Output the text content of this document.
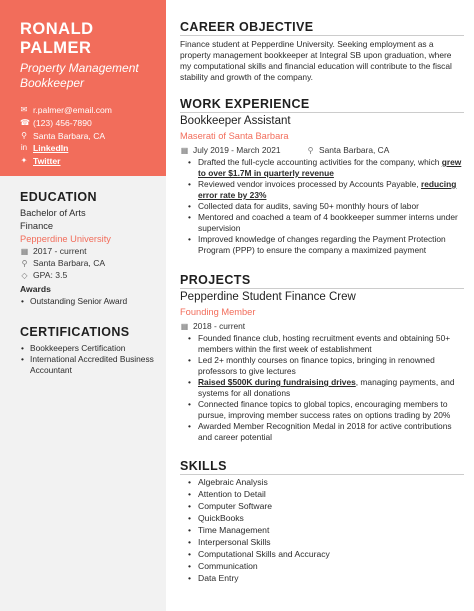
RONALD
PALMER
Property Management
Bookkeeper
✉ r.palmer@email.com
☎ (123) 456-7890
⚲ Santa Barbara, CA
in LinkedIn
✦ Twitter
EDUCATION
Bachelor of Arts
Finance
Pepperdine University
▦ 2017 - current
⚲ Santa Barbara, CA
◇ GPA: 3.5
Awards
• Outstanding Senior Award
CERTIFICATIONS
• Bookkeepers Certification
• International Accredited Business Accountant
CAREER OBJECTIVE
Finance student at Pepperdine University. Seeking employment as a property management bookkeeper at Integral SB upon graduation, where my computational skills and financial education will contribute to the fiscal stability and growth of the company.
WORK EXPERIENCE
Bookkeeper Assistant
Maserati of Santa Barbara
▦ July 2019 - March 2021	⚲ Santa Barbara, CA
• Drafted the full-cycle accounting activities for the company, which grew to over $1.7M in quarterly revenue
• Reviewed vendor invoices processed by Accounts Payable, reducing error rate by 23%
• Collected data for audits, saving 50+ monthly hours of labor
• Mentored and coached a team of 4 bookkeeper summer interns under supervision
• Improved knowledge of changes regarding the Payment Protection Program (PPP) to ensure the company a maximized payment
PROJECTS
Pepperdine Student Finance Crew
Founding Member
▦ 2018 - current
• Founded finance club, hosting recruitment events and obtaining 50+ members within the first week of establishment
• Led 2+ monthly courses on finance topics, bringing in renowned professors to give lectures
• Raised $500K during fundraising drives, managing payments, and systems for all donations
• Connected finance topics to global topics, encouraging members to pursue, improving member success rates on options trading by 20%
• Awarded Member Recognition Medal in 2018 for active contributions and career potential
SKILLS
• Algebraic Analysis
• Attention to Detail
• Computer Software
• QuickBooks
• Time Management
• Interpersonal Skills
• Computational Skills and Accuracy
• Communication
• Data Entry
